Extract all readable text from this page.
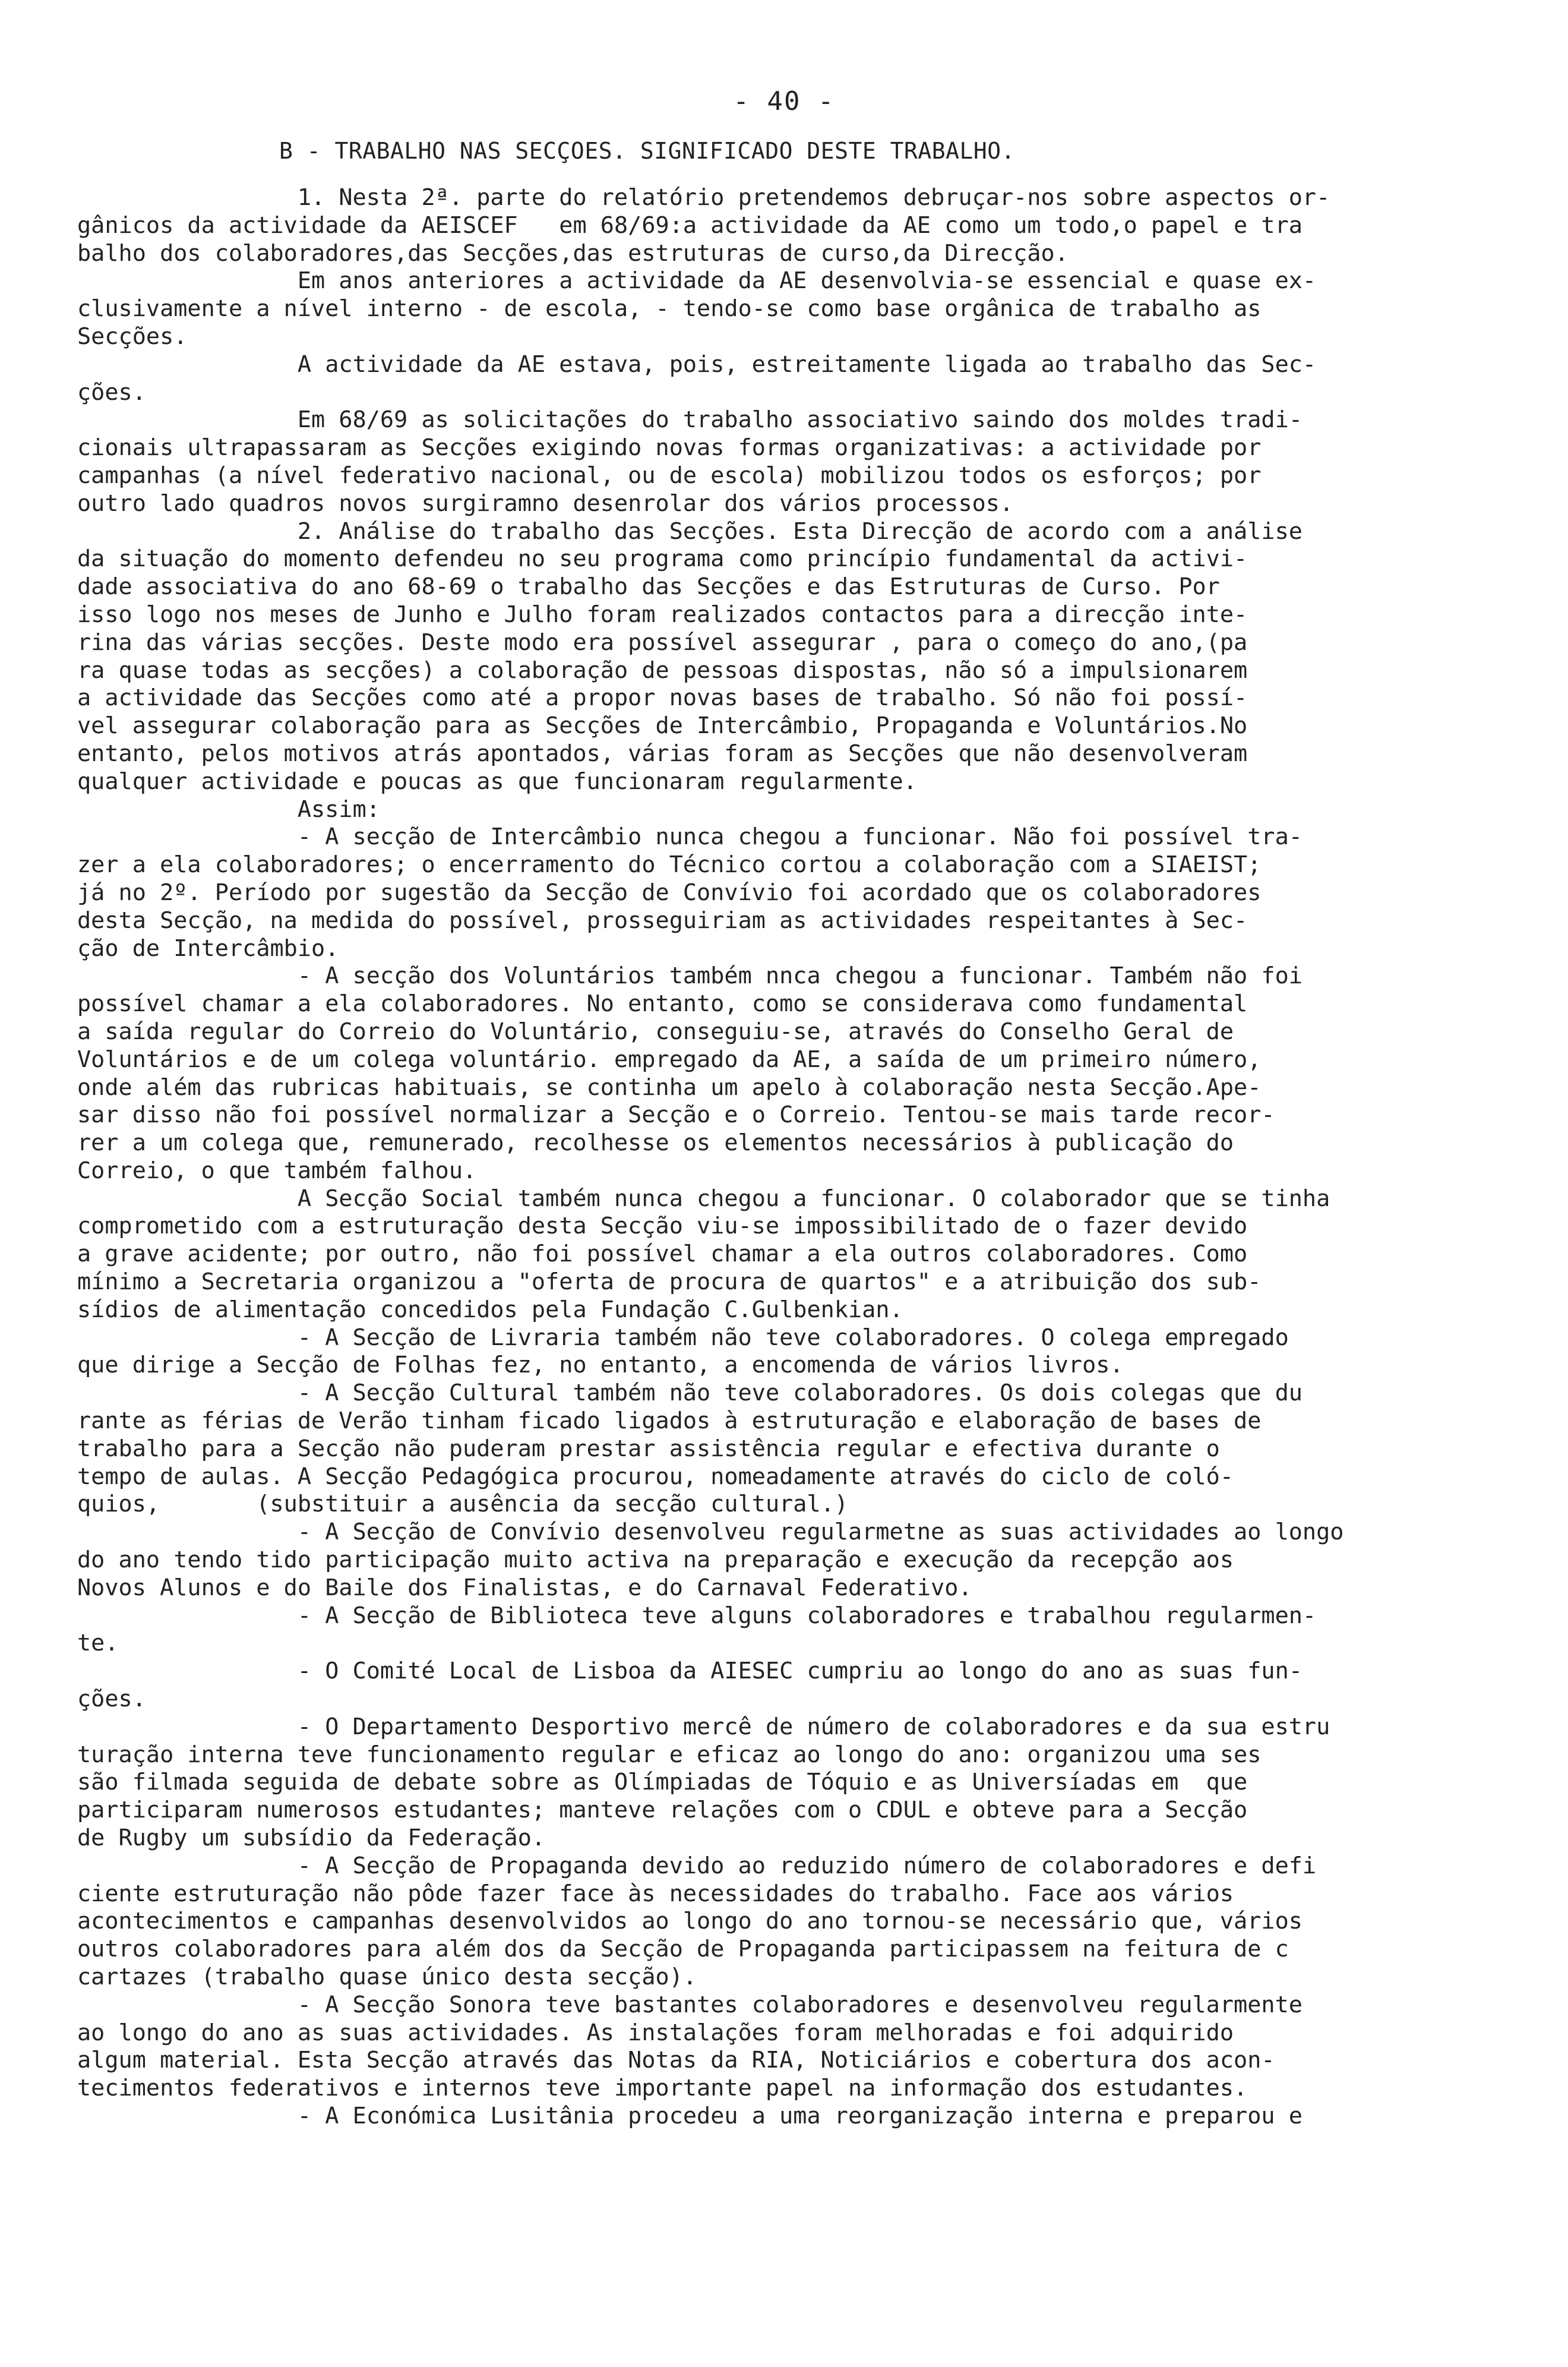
- 40 -
B - TRABALHO NAS SECÇOES. SIGNIFICADO DESTE TRABALHO.
1. Nesta 2ª. parte do relatório pretendemos debruçar-nos sobre aspectos or-
gânicos da actividade da AEISCEF   em 68/69:a actividade da AE como um todo,o papel e tra
balho dos colaboradores,das Secções,das estruturas de curso,da Direcção.
Em anos anteriores a actividade da AE desenvolvia-se essencial e quase ex-
clusivamente a nível interno - de escola, - tendo-se como base orgânica de trabalho as
Secções.
A actividade da AE estava, pois, estreitamente ligada ao trabalho das Sec-
ções.
Em 68/69 as solicitações do trabalho associativo saindo dos moldes tradi-
cionais ultrapassaram as Secções exigindo novas formas organizativas: a actividade por
campanhas (a nível federativo nacional, ou de escola) mobilizou todos os esforços; por
outro lado quadros novos surgiramno desenrolar dos vários processos.
2. Análise do trabalho das Secções. Esta Direcção de acordo com a análise
da situação do momento defendeu no seu programa como princípio fundamental da activi-
dade associativa do ano 68-69 o trabalho das Secções e das Estruturas de Curso. Por
isso logo nos meses de Junho e Julho foram realizados contactos para a direcção inte-
rina das várias secções. Deste modo era possível assegurar , para o começo do ano,(pa
ra quase todas as secções) a colaboração de pessoas dispostas, não só a impulsionarem
a actividade das Secções como até a propor novas bases de trabalho. Só não foi possí-
vel assegurar colaboração para as Secções de Intercâmbio, Propaganda e Voluntários.No
entanto, pelos motivos atrás apontados, várias foram as Secções que não desenvolveram
qualquer actividade e poucas as que funcionaram regularmente.
Assim:
- A secção de Intercâmbio nunca chegou a funcionar. Não foi possível tra-
zer a ela colaboradores; o encerramento do Técnico cortou a colaboração com a SIAEIST;
já no 2º. Período por sugestão da Secção de Convívio foi acordado que os colaboradores
desta Secção, na medida do possível, prosseguiriam as actividades respeitantes à Sec-
ção de Intercâmbio.
- A secção dos Voluntários também nnca chegou a funcionar. Também não foi
possível chamar a ela colaboradores. No entanto, como se considerava como fundamental
a saída regular do Correio do Voluntário, conseguiu-se, através do Conselho Geral de
Voluntários e de um colega voluntário. empregado da AE, a saída de um primeiro número,
onde além das rubricas habituais, se continha um apelo à colaboração nesta Secção.Ape-
sar disso não foi possível normalizar a Secção e o Correio. Tentou-se mais tarde recor-
rer a um colega que, remunerado, recolhesse os elementos necessários à publicação do
Correio, o que também falhou.
A Secção Social também nunca chegou a funcionar. O colaborador que se tinha
comprometido com a estruturação desta Secção viu-se impossibilitado de o fazer devido
a grave acidente; por outro, não foi possível chamar a ela outros colaboradores. Como
mínimo a Secretaria organizou a "oferta de procura de quartos" e a atribuição dos sub-
sídios de alimentação concedidos pela Fundação C.Gulbenkian.
- A Secção de Livraria também não teve colaboradores. O colega empregado
que dirige a Secção de Folhas fez, no entanto, a encomenda de vários livros.
- A Secção Cultural também não teve colaboradores. Os dois colegas que du
rante as férias de Verão tinham ficado ligados à estruturação e elaboração de bases de
trabalho para a Secção não puderam prestar assistência regular e efectiva durante o
tempo de aulas. A Secção Pedagógica procurou, nomeadamente através do ciclo de coló-
quios,       (substituir a ausência da secção cultural.)
- A Secção de Convívio desenvolveu regularmetne as suas actividades ao longo
do ano tendo tido participação muito activa na preparação e execução da recepção aos
Novos Alunos e do Baile dos Finalistas, e do Carnaval Federativo.
- A Secção de Biblioteca teve alguns colaboradores e trabalhou regularmen-
te.
- O Comité Local de Lisboa da AIESEC cumpriu ao longo do ano as suas fun-
ções.
- O Departamento Desportivo mercê de número de colaboradores e da sua estru
turação interna teve funcionamento regular e eficaz ao longo do ano: organizou uma ses
são filmada seguida de debate sobre as Olímpiadas de Tóquio e as Universíadas em  que
participaram numerosos estudantes; manteve relações com o CDUL e obteve para a Secção
de Rugby um subsídio da Federação.
- A Secção de Propaganda devido ao reduzido número de colaboradores e defi
ciente estruturação não pôde fazer face às necessidades do trabalho. Face aos vários
acontecimentos e campanhas desenvolvidos ao longo do ano tornou-se necessário que, vários
outros colaboradores para além dos da Secção de Propaganda participassem na feitura de c
cartazes (trabalho quase único desta secção).
- A Secção Sonora teve bastantes colaboradores e desenvolveu regularmente
ao longo do ano as suas actividades. As instalações foram melhoradas e foi adquirido
algum material. Esta Secção através das Notas da RIA, Noticiários e cobertura dos acon-
tecimentos federativos e internos teve importante papel na informação dos estudantes.
- A Económica Lusitânia procedeu a uma reorganização interna e preparou e
